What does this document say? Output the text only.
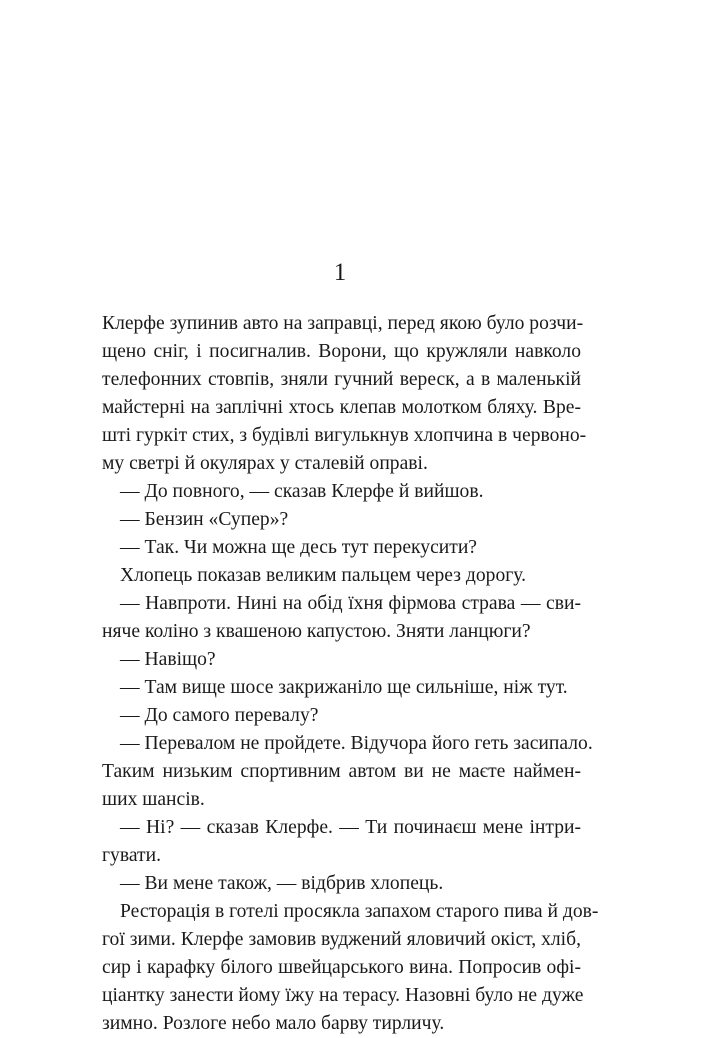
1
Клерфе зупинив авто на заправці, перед якою було розчи-
щено сніг, і посигналив. Ворони, що кружляли навколо
телефонних стовпів, зняли гучний вереск, а в маленькій
майстерні на заплічні хтось клепав молотком бляху. Вре-
шті гуркіт стих, з будівлі вигулькнув хлопчина в червоно-
му светрі й окулярах у сталевій оправі.
— До повного, — сказав Клерфе й вийшов.
— Бензин «Супер»?
— Так. Чи можна ще десь тут перекусити?
Хлопець показав великим пальцем через дорогу.
— Навпроти. Нині на обід їхня фірмова страва — сви-
няче коліно з квашеною капустою. Зняти ланцюги?
— Навіщо?
— Там вище шосе закрижаніло ще сильніше, ніж тут.
— До самого перевалу?
— Перевалом не пройдете. Відучора його геть засипало.
Таким низьким спортивним автом ви не маєте наймен-
ших шансів.
— Ні? — сказав Клерфе. — Ти починаєш мене інтри-
гувати.
— Ви мене також, — відбрив хлопець.
Ресторація в готелі просякла запахом старого пива й дов-
гої зими. Клерфе замовив вуджений яловичий окіст, хліб,
сир і карафку білого швейцарського вина. Попросив офі-
ціантку занести йому їжу на терасу. Назовні було не дуже
зимно. Розлоге небо мало барву тирличу.
